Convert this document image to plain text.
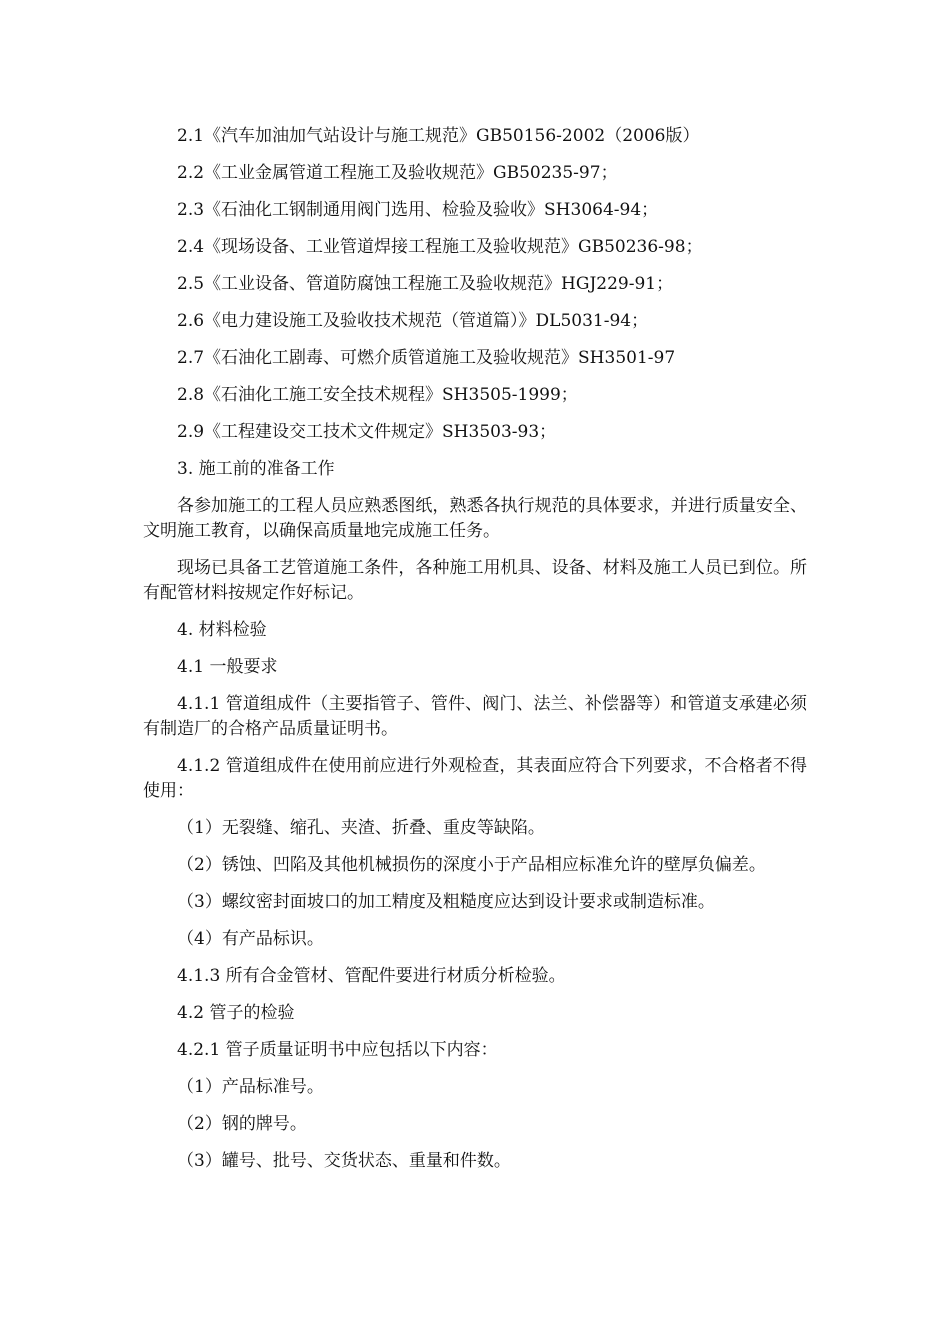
2.1《汽车加油加气站设计与施工规范》GB50156-2002（2006版）

2.2《工业金属管道工程施工及验收规范》GB50235-97；

2.3《石油化工钢制通用阀门选用、检验及验收》SH3064-94；

2.4《现场设备、工业管道焊接工程施工及验收规范》GB50236-98；

2.5《工业设备、管道防腐蚀工程施工及验收规范》HGJ229-91；

2.6《电力建设施工及验收技术规范（管道篇）》DL5031-94；

2.7《石油化工剧毒、可燃介质管道施工及验收规范》SH3501-97

2.8《石油化工施工安全技术规程》SH3505-1999；

2.9《工程建设交工技术文件规定》SH3503-93；

3. 施工前的准备工作

各参加施工的工程人员应熟悉图纸，熟悉各执行规范的具体要求，并进行质量安全、文明施工教育，以确保高质量地完成施工任务。

现场已具备工艺管道施工条件，各种施工用机具、设备、材料及施工人员已到位。所有配管材料按规定作好标记。

4. 材料检验

4.1 一般要求

4.1.1 管道组成件（主要指管子、管件、阀门、法兰、补偿器等）和管道支承建必须有制造厂的合格产品质量证明书。

4.1.2 管道组成件在使用前应进行外观检查，其表面应符合下列要求，不合格者不得使用：

（1）无裂缝、缩孔、夹渣、折叠、重皮等缺陷。

（2）锈蚀、凹陷及其他机械损伤的深度小于产品相应标准允许的壁厚负偏差。

（3）螺纹密封面坡口的加工精度及粗糙度应达到设计要求或制造标准。

（4）有产品标识。

4.1.3 所有合金管材、管配件要进行材质分析检验。

4.2 管子的检验

4.2.1 管子质量证明书中应包括以下内容：

（1）产品标准号。

（2）钢的牌号。

（3）罐号、批号、交货状态、重量和件数。
